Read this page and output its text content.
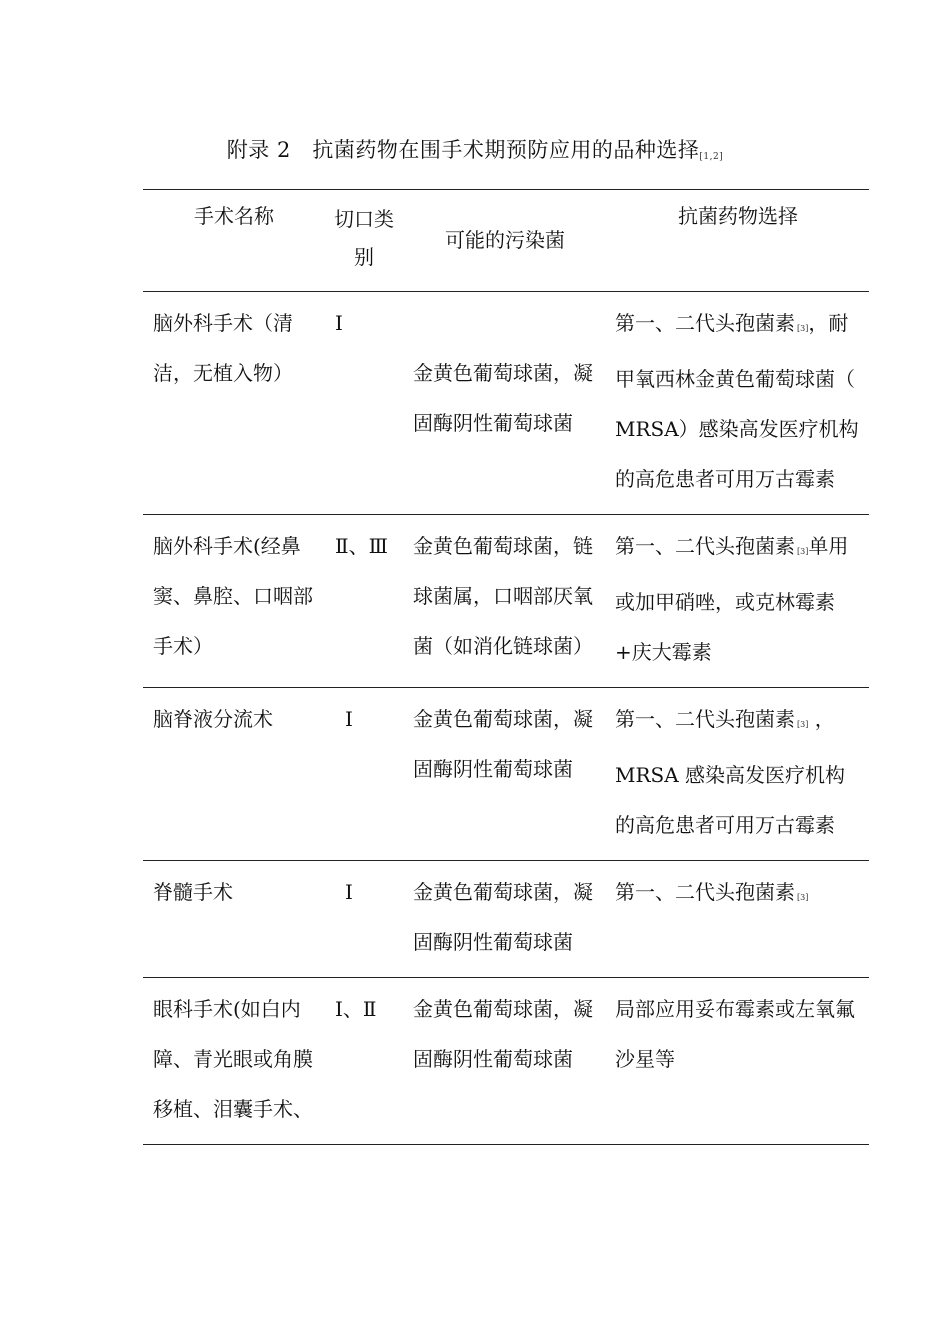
附录 2   抗菌药物在围手术期预防应用的品种选择[1,2]
手术名称	切口类别	可能的污染菌	抗菌药物选择

脑外科手术（清洁，无植入物）	Ⅰ	金黄色葡萄球菌，凝固酶阴性葡萄球菌	第一、二代头孢菌素 [3]，耐甲氧西林金黄色葡萄球菌（ MRSA）感染高发医疗机构的高危患者可用万古霉素
脑外科手术(经鼻窦、鼻腔、口咽部手术）	Ⅱ、Ⅲ	金黄色葡萄球菌，链球菌属，口咽部厌氧菌（如消化链球菌）	第一、二代头孢菌素 [3]单用或加甲硝唑，或克林霉素+庆大霉素
脑脊液分流术	Ⅰ	金黄色葡萄球菌，凝固酶阴性葡萄球菌	第一、二代头孢菌素 [3] ，MRSA 感染高发医疗机构的高危患者可用万古霉素
脊髓手术	Ⅰ	金黄色葡萄球菌，凝固酶阴性葡萄球菌	第一、二代头孢菌素 [3]
眼科手术(如白内障、青光眼或角膜移植、泪囊手术、	Ⅰ、Ⅱ	金黄色葡萄球菌，凝固酶阴性葡萄球菌	局部应用妥布霉素或左氧氟沙星等
